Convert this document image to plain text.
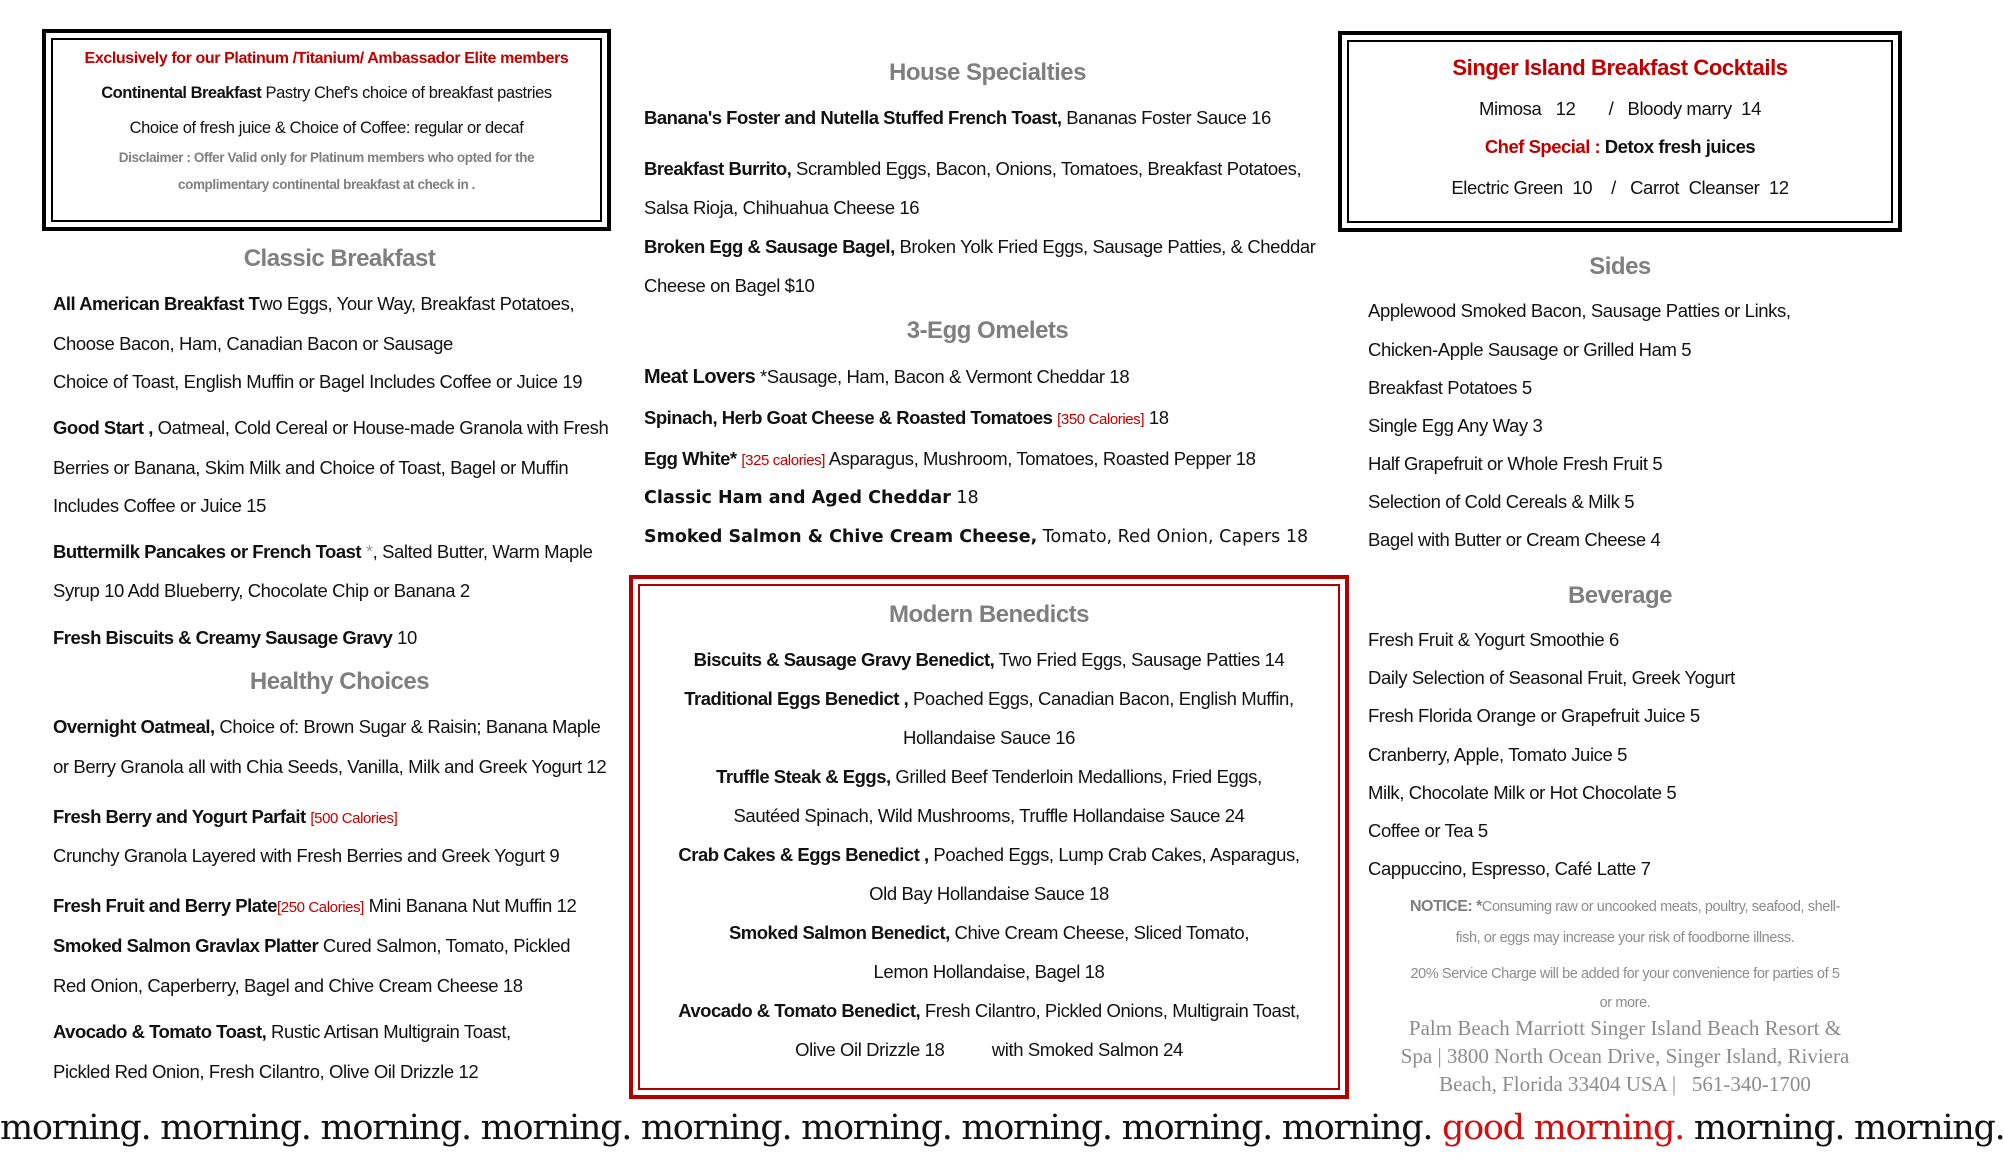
Exclusively for our Platinum /Titanium/ Ambassador Elite members
Continental Breakfast Pastry Chef's choice of breakfast pastries
Choice of fresh juice & Choice of Coffee: regular or decaf
Disclaimer : Offer Valid only for Platinum members who opted for the
complimentary continental breakfast at check in .
Classic Breakfast
All American Breakfast Two Eggs, Your Way, Breakfast Potatoes,
Choose Bacon, Ham, Canadian Bacon or Sausage
Choice of Toast, English Muffin or Bagel Includes Coffee or Juice 19
Good Start , Oatmeal, Cold Cereal or House-made Granola with Fresh
Berries or Banana, Skim Milk and Choice of Toast, Bagel or Muffin
Includes Coffee or Juice 15
Buttermilk Pancakes or French Toast *, Salted Butter, Warm Maple
Syrup 10 Add Blueberry, Chocolate Chip or Banana 2
Fresh Biscuits & Creamy Sausage Gravy 10
Healthy Choices
Overnight Oatmeal, Choice of: Brown Sugar & Raisin; Banana Maple
or Berry Granola all with Chia Seeds, Vanilla, Milk and Greek Yogurt 12
Fresh Berry and Yogurt Parfait [500 Calories]
Crunchy Granola Layered with Fresh Berries and Greek Yogurt 9
Fresh Fruit and Berry Plate[250 Calories] Mini Banana Nut Muffin 12
Smoked Salmon Gravlax Platter Cured Salmon, Tomato, Pickled
Red Onion, Caperberry, Bagel and Chive Cream Cheese 18
Avocado & Tomato Toast, Rustic Artisan Multigrain Toast,
Pickled Red Onion, Fresh Cilantro, Olive Oil Drizzle 12
House Specialties
Banana's Foster and Nutella Stuffed French Toast, Bananas Foster Sauce 16
Breakfast Burrito, Scrambled Eggs, Bacon, Onions, Tomatoes, Breakfast Potatoes,
Salsa Rioja, Chihuahua Cheese 16
Broken Egg & Sausage Bagel, Broken Yolk Fried Eggs, Sausage Patties, & Cheddar
Cheese on Bagel $10
3-Egg Omelets
Meat Lovers *Sausage, Ham, Bacon & Vermont Cheddar 18
Spinach, Herb Goat Cheese & Roasted Tomatoes [350 Calories] 18
Egg White* [325 calories] Asparagus, Mushroom, Tomatoes, Roasted Pepper 18
Classic Ham and Aged Cheddar 18
Smoked Salmon & Chive Cream Cheese, Tomato, Red Onion, Capers 18
Modern Benedicts
Biscuits & Sausage Gravy Benedict, Two Fried Eggs, Sausage Patties 14
Traditional Eggs Benedict , Poached Eggs, Canadian Bacon, English Muffin,
Hollandaise Sauce 16
Truffle Steak & Eggs, Grilled Beef Tenderloin Medallions, Fried Eggs,
Sautéed Spinach, Wild Mushrooms, Truffle Hollandaise Sauce 24
Crab Cakes & Eggs Benedict , Poached Eggs, Lump Crab Cakes, Asparagus,
Old Bay Hollandaise Sauce 18
Smoked Salmon Benedict, Chive Cream Cheese, Sliced Tomato,
Lemon Hollandaise, Bagel 18
Avocado & Tomato Benedict, Fresh Cilantro, Pickled Onions, Multigrain Toast,
Olive Oil Drizzle 18          with Smoked Salmon 24
Singer Island Breakfast Cocktails
Mimosa   12       /   Bloody marry  14
Chef Special : Detox fresh juices
Electric Green  10    /   Carrot  Cleanser  12
Sides
Applewood Smoked Bacon, Sausage Patties or Links,
Chicken-Apple Sausage or Grilled Ham 5
Breakfast Potatoes 5
Single Egg Any Way 3
Half Grapefruit or Whole Fresh Fruit 5
Selection of Cold Cereals & Milk 5
Bagel with Butter or Cream Cheese 4
Beverage
Fresh Fruit & Yogurt Smoothie 6
Daily Selection of Seasonal Fruit, Greek Yogurt
Fresh Florida Orange or Grapefruit Juice 5
Cranberry, Apple, Tomato Juice 5
Milk, Chocolate Milk or Hot Chocolate 5
Coffee or Tea 5
Cappuccino, Espresso, Café Latte 7
NOTICE: *Consuming raw or uncooked meats, poultry, seafood, shell-
fish, or eggs may increase your risk of foodborne illness.
20% Service Charge will be added for your convenience for parties of 5
or more.
Palm Beach Marriott Singer Island Beach Resort &
Spa | 3800 North Ocean Drive, Singer Island, Riviera
Beach, Florida 33404 USA |   561-340-1700
morning. morning. morning. morning. morning. morning. morning. morning. morning. good morning. morning. morning.
